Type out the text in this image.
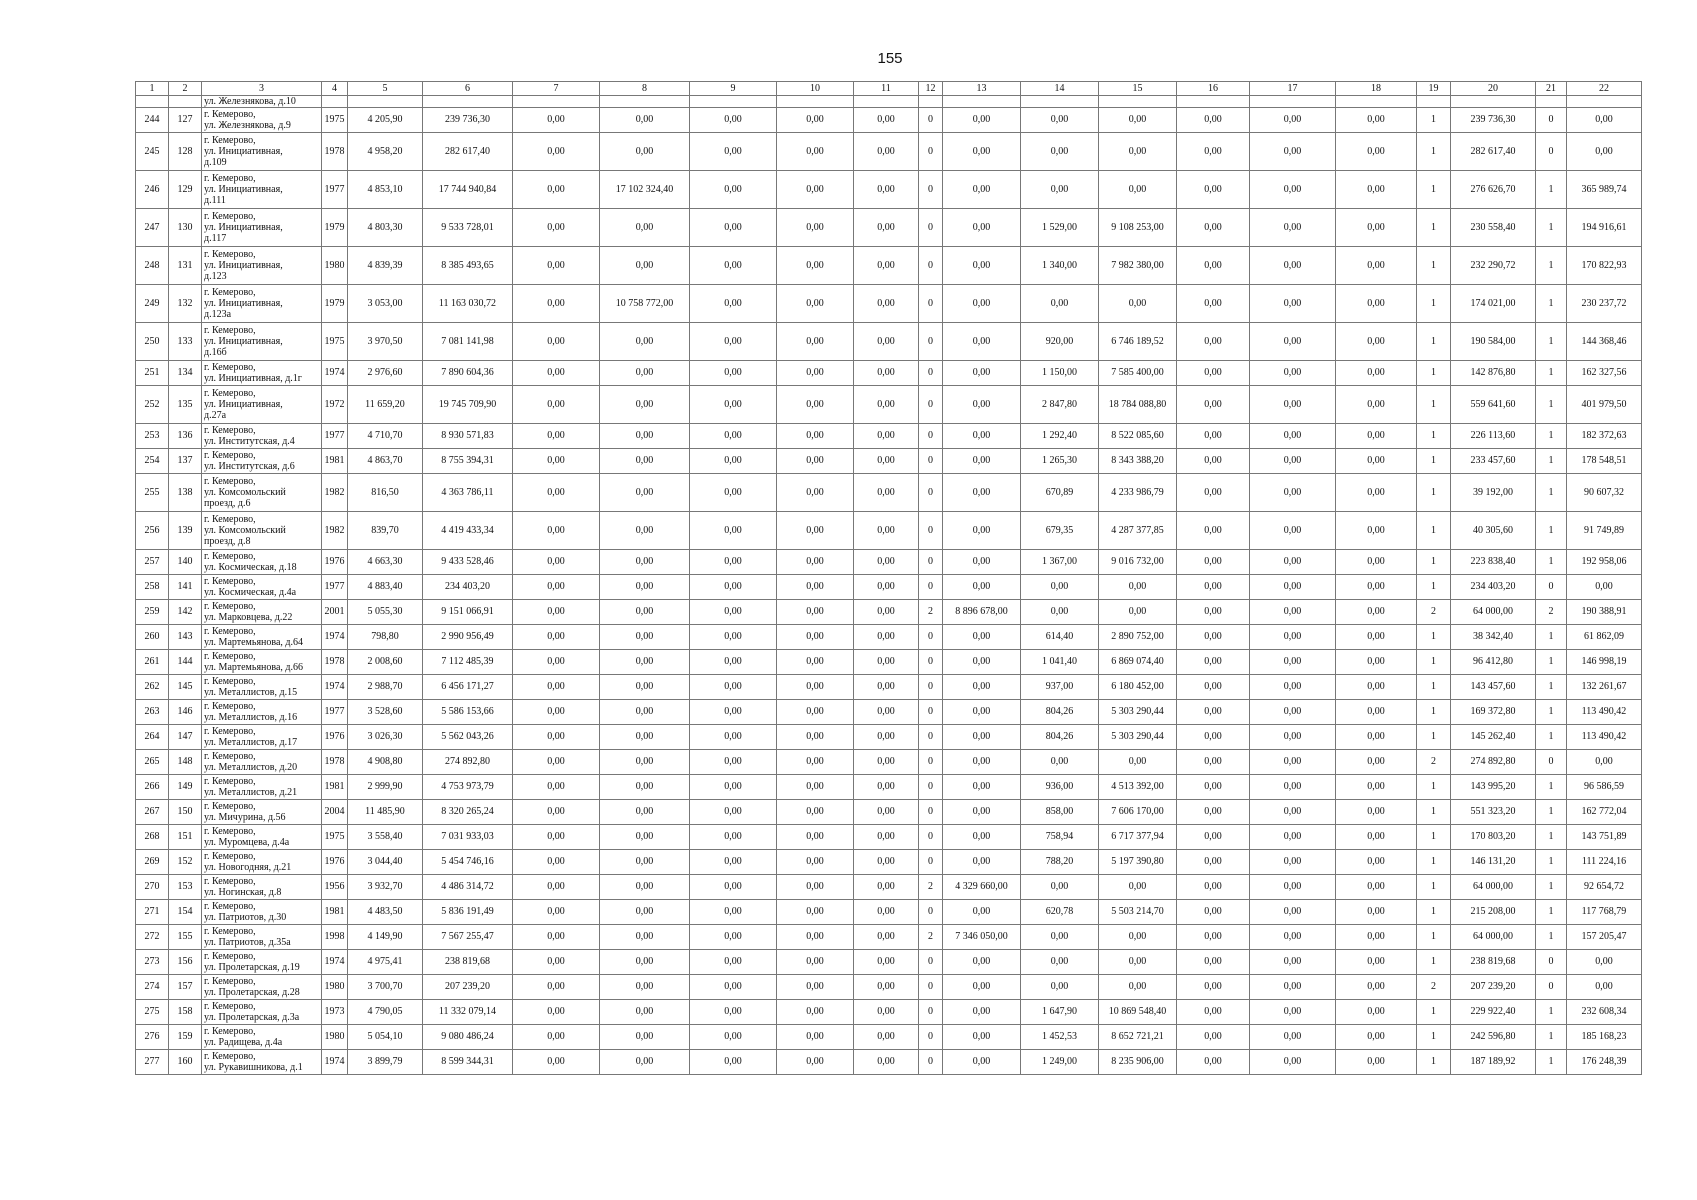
155
1	2	3	4	5	6	7	8	9	10	11	12	13	14	15	16	17	18	19	20	21	22
		ул. Железнякова, д.10																			
244	127	г. Кемерово,
ул. Железнякова, д.9	1975	4 205,90	239 736,30	0,00	0,00	0,00	0,00	0,00	0	0,00	0,00	0,00	0,00	0,00	0,00	1	239 736,30	0	0,00
245	128	г. Кемерово,
ул. Инициативная,
д.109	1978	4 958,20	282 617,40	0,00	0,00	0,00	0,00	0,00	0	0,00	0,00	0,00	0,00	0,00	0,00	1	282 617,40	0	0,00
246	129	г. Кемерово,
ул. Инициативная,
д.111	1977	4 853,10	17 744 940,84	0,00	17 102 324,40	0,00	0,00	0,00	0	0,00	0,00	0,00	0,00	0,00	0,00	1	276 626,70	1	365 989,74
247	130	г. Кемерово,
ул. Инициативная,
д.117	1979	4 803,30	9 533 728,01	0,00	0,00	0,00	0,00	0,00	0	0,00	1 529,00	9 108 253,00	0,00	0,00	0,00	1	230 558,40	1	194 916,61
248	131	г. Кемерово,
ул. Инициативная,
д.123	1980	4 839,39	8 385 493,65	0,00	0,00	0,00	0,00	0,00	0	0,00	1 340,00	7 982 380,00	0,00	0,00	0,00	1	232 290,72	1	170 822,93
249	132	г. Кемерово,
ул. Инициативная,
д.123а	1979	3 053,00	11 163 030,72	0,00	10 758 772,00	0,00	0,00	0,00	0	0,00	0,00	0,00	0,00	0,00	0,00	1	174 021,00	1	230 237,72
250	133	г. Кемерово,
ул. Инициативная,
д.16б	1975	3 970,50	7 081 141,98	0,00	0,00	0,00	0,00	0,00	0	0,00	920,00	6 746 189,52	0,00	0,00	0,00	1	190 584,00	1	144 368,46
251	134	г. Кемерово,
ул. Инициативная, д.1г	1974	2 976,60	7 890 604,36	0,00	0,00	0,00	0,00	0,00	0	0,00	1 150,00	7 585 400,00	0,00	0,00	0,00	1	142 876,80	1	162 327,56
252	135	г. Кемерово,
ул. Инициативная,
д.27а	1972	11 659,20	19 745 709,90	0,00	0,00	0,00	0,00	0,00	0	0,00	2 847,80	18 784 088,80	0,00	0,00	0,00	1	559 641,60	1	401 979,50
253	136	г. Кемерово,
ул. Институтская, д.4	1977	4 710,70	8 930 571,83	0,00	0,00	0,00	0,00	0,00	0	0,00	1 292,40	8 522 085,60	0,00	0,00	0,00	1	226 113,60	1	182 372,63
254	137	г. Кемерово,
ул. Институтская, д.6	1981	4 863,70	8 755 394,31	0,00	0,00	0,00	0,00	0,00	0	0,00	1 265,30	8 343 388,20	0,00	0,00	0,00	1	233 457,60	1	178 548,51
255	138	г. Кемерово,
ул. Комсомольский
проезд, д.6	1982	816,50	4 363 786,11	0,00	0,00	0,00	0,00	0,00	0	0,00	670,89	4 233 986,79	0,00	0,00	0,00	1	39 192,00	1	90 607,32
256	139	г. Кемерово,
ул. Комсомольский
проезд, д.8	1982	839,70	4 419 433,34	0,00	0,00	0,00	0,00	0,00	0	0,00	679,35	4 287 377,85	0,00	0,00	0,00	1	40 305,60	1	91 749,89
257	140	г. Кемерово,
ул. Космическая, д.18	1976	4 663,30	9 433 528,46	0,00	0,00	0,00	0,00	0,00	0	0,00	1 367,00	9 016 732,00	0,00	0,00	0,00	1	223 838,40	1	192 958,06
258	141	г. Кемерово,
ул. Космическая, д.4а	1977	4 883,40	234 403,20	0,00	0,00	0,00	0,00	0,00	0	0,00	0,00	0,00	0,00	0,00	0,00	1	234 403,20	0	0,00
259	142	г. Кемерово,
ул. Марковцева, д.22	2001	5 055,30	9 151 066,91	0,00	0,00	0,00	0,00	0,00	2	8 896 678,00	0,00	0,00	0,00	0,00	0,00	2	64 000,00	2	190 388,91
260	143	г. Кемерово,
ул. Мартемьянова, д.64	1974	798,80	2 990 956,49	0,00	0,00	0,00	0,00	0,00	0	0,00	614,40	2 890 752,00	0,00	0,00	0,00	1	38 342,40	1	61 862,09
261	144	г. Кемерово,
ул. Мартемьянова, д.66	1978	2 008,60	7 112 485,39	0,00	0,00	0,00	0,00	0,00	0	0,00	1 041,40	6 869 074,40	0,00	0,00	0,00	1	96 412,80	1	146 998,19
262	145	г. Кемерово,
ул. Металлистов, д.15	1974	2 988,70	6 456 171,27	0,00	0,00	0,00	0,00	0,00	0	0,00	937,00	6 180 452,00	0,00	0,00	0,00	1	143 457,60	1	132 261,67
263	146	г. Кемерово,
ул. Металлистов, д.16	1977	3 528,60	5 586 153,66	0,00	0,00	0,00	0,00	0,00	0	0,00	804,26	5 303 290,44	0,00	0,00	0,00	1	169 372,80	1	113 490,42
264	147	г. Кемерово,
ул. Металлистов, д.17	1976	3 026,30	5 562 043,26	0,00	0,00	0,00	0,00	0,00	0	0,00	804,26	5 303 290,44	0,00	0,00	0,00	1	145 262,40	1	113 490,42
265	148	г. Кемерово,
ул. Металлистов, д.20	1978	4 908,80	274 892,80	0,00	0,00	0,00	0,00	0,00	0	0,00	0,00	0,00	0,00	0,00	0,00	2	274 892,80	0	0,00
266	149	г. Кемерово,
ул. Металлистов, д.21	1981	2 999,90	4 753 973,79	0,00	0,00	0,00	0,00	0,00	0	0,00	936,00	4 513 392,00	0,00	0,00	0,00	1	143 995,20	1	96 586,59
267	150	г. Кемерово,
ул. Мичурина, д.56	2004	11 485,90	8 320 265,24	0,00	0,00	0,00	0,00	0,00	0	0,00	858,00	7 606 170,00	0,00	0,00	0,00	1	551 323,20	1	162 772,04
268	151	г. Кемерово,
ул. Муромцева, д.4а	1975	3 558,40	7 031 933,03	0,00	0,00	0,00	0,00	0,00	0	0,00	758,94	6 717 377,94	0,00	0,00	0,00	1	170 803,20	1	143 751,89
269	152	г. Кемерово,
ул. Новогодняя, д.21	1976	3 044,40	5 454 746,16	0,00	0,00	0,00	0,00	0,00	0	0,00	788,20	5 197 390,80	0,00	0,00	0,00	1	146 131,20	1	111 224,16
270	153	г. Кемерово,
ул. Ногинская, д.8	1956	3 932,70	4 486 314,72	0,00	0,00	0,00	0,00	0,00	2	4 329 660,00	0,00	0,00	0,00	0,00	0,00	1	64 000,00	1	92 654,72
271	154	г. Кемерово,
ул. Патриотов, д.30	1981	4 483,50	5 836 191,49	0,00	0,00	0,00	0,00	0,00	0	0,00	620,78	5 503 214,70	0,00	0,00	0,00	1	215 208,00	1	117 768,79
272	155	г. Кемерово,
ул. Патриотов, д.35а	1998	4 149,90	7 567 255,47	0,00	0,00	0,00	0,00	0,00	2	7 346 050,00	0,00	0,00	0,00	0,00	0,00	1	64 000,00	1	157 205,47
273	156	г. Кемерово,
ул. Пролетарская, д.19	1974	4 975,41	238 819,68	0,00	0,00	0,00	0,00	0,00	0	0,00	0,00	0,00	0,00	0,00	0,00	1	238 819,68	0	0,00
274	157	г. Кемерово,
ул. Пролетарская, д.28	1980	3 700,70	207 239,20	0,00	0,00	0,00	0,00	0,00	0	0,00	0,00	0,00	0,00	0,00	0,00	2	207 239,20	0	0,00
275	158	г. Кемерово,
ул. Пролетарская, д.3а	1973	4 790,05	11 332 079,14	0,00	0,00	0,00	0,00	0,00	0	0,00	1 647,90	10 869 548,40	0,00	0,00	0,00	1	229 922,40	1	232 608,34
276	159	г. Кемерово,
ул. Радищева, д.4а	1980	5 054,10	9 080 486,24	0,00	0,00	0,00	0,00	0,00	0	0,00	1 452,53	8 652 721,21	0,00	0,00	0,00	1	242 596,80	1	185 168,23
277	160	г. Кемерово,
ул. Рукавишникова, д.1	1974	3 899,79	8 599 344,31	0,00	0,00	0,00	0,00	0,00	0	0,00	1 249,00	8 235 906,00	0,00	0,00	0,00	1	187 189,92	1	176 248,39
